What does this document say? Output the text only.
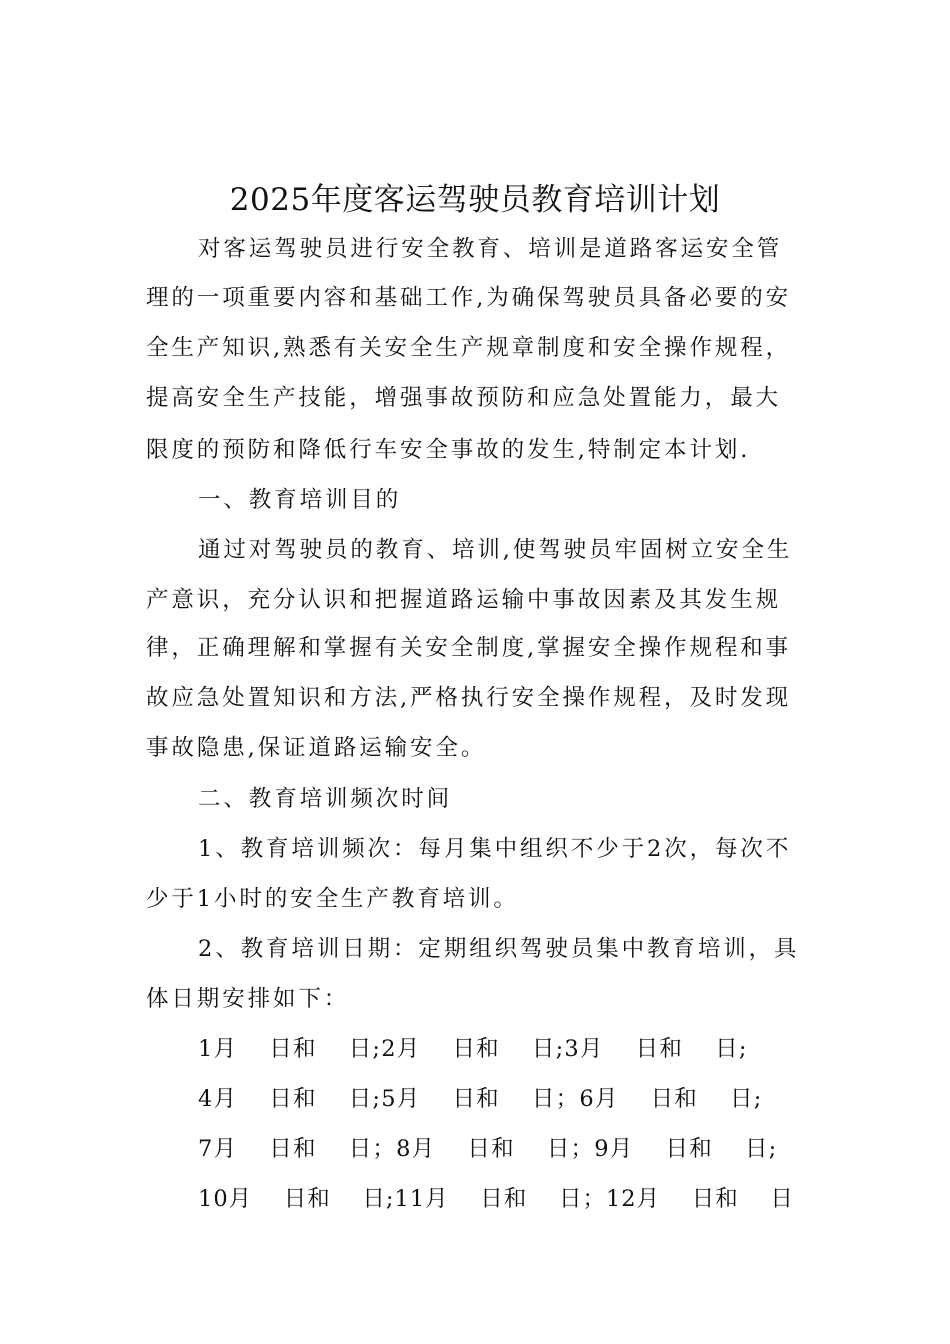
2025年度客运驾驶员教育培训计划
对客运驾驶员进行安全教育、培训是道路客运安全管
理的一项重要内容和基础工作,为确保驾驶员具备必要的安
全生产知识,熟悉有关安全生产规章制度和安全操作规程，
提高安全生产技能，增强事故预防和应急处置能力，最大
限度的预防和降低行车安全事故的发生,特制定本计划.
一、教育培训目的
通过对驾驶员的教育、培训,使驾驶员牢固树立安全生
产意识，充分认识和把握道路运输中事故因素及其发生规
律，正确理解和掌握有关安全制度,掌握安全操作规程和事
故应急处置知识和方法,严格执行安全操作规程，及时发现
事故隐患,保证道路运输安全。
二、教育培训频次时间
1、教育培训频次：每月集中组织不少于2次，每次不
少于1小时的安全生产教育培训。
2、教育培训日期：定期组织驾驶员集中教育培训，具
体日期安排如下：
1月　 日和　 日;2月　 日和　 日;3月　 日和　 日;
4月　 日和　 日;5月　 日和　 日；6月　 日和　 日;
7月　 日和　 日；8月　 日和　 日；9月　 日和　 日;
10月　 日和　 日;11月　 日和　 日；12月　 日和　 日
